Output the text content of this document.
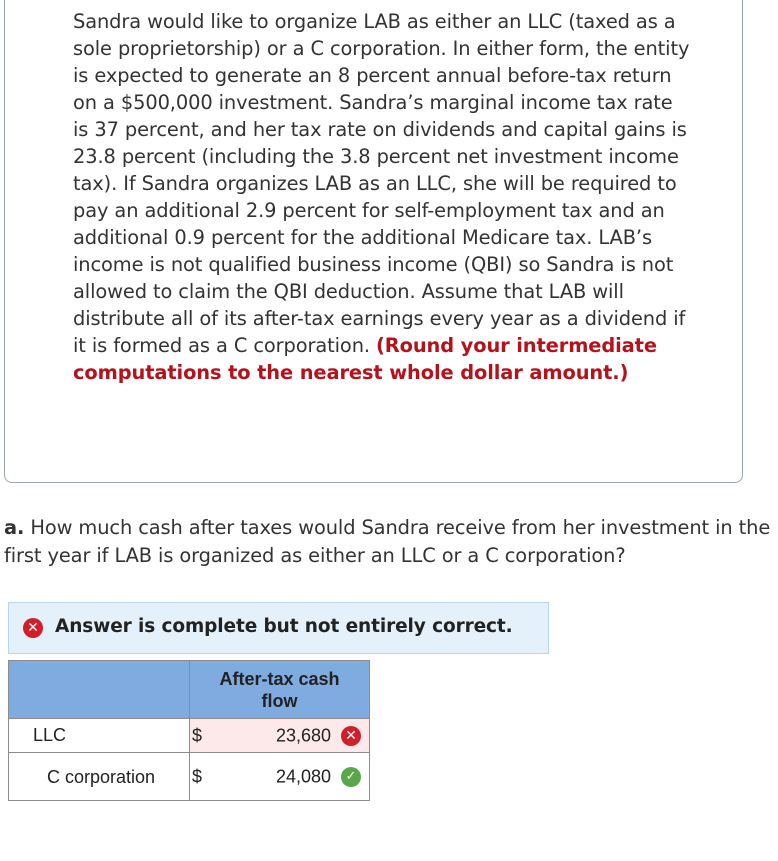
Sandra would like to organize LAB as either an LLC (taxed as a sole proprietorship) or a C corporation. In either form, the entity is expected to generate an 8 percent annual before-tax return on a $500,000 investment. Sandra’s marginal income tax rate is 37 percent, and her tax rate on dividends and capital gains is 23.8 percent (including the 3.8 percent net investment income tax). If Sandra organizes LAB as an LLC, she will be required to pay an additional 2.9 percent for self-employment tax and an additional 0.9 percent for the additional Medicare tax. LAB’s income is not qualified business income (QBI) so Sandra is not allowed to claim the QBI deduction. Assume that LAB will distribute all of its after-tax earnings every year as a dividend if it is formed as a C corporation. (Round your intermediate computations to the nearest whole dollar amount.)
a. How much cash after taxes would Sandra receive from her investment in the first year if LAB is organized as either an LLC or a C corporation?
✕ Answer is complete but not entirely correct.

	After-tax cash flow

LLC	$ 23,680 ✕

C corporation	$ 24,080 ✓
